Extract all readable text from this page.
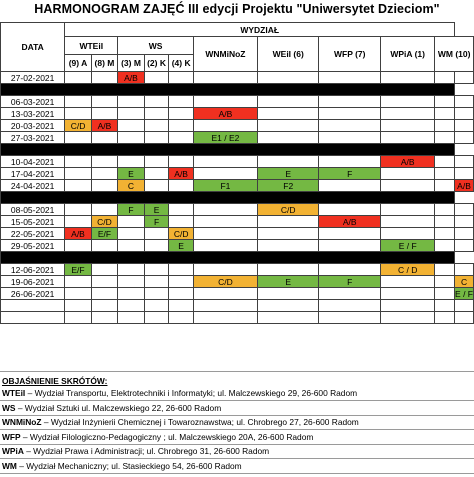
HARMONOGRAM ZAJĘĆ III edycji Projektu "Uniwersytet Dzieciom"
DATA	WYDZIAŁ										
	WTEiI		WS			WNMiNoZ	WEiI (6)	WFP (7)	WPiA (1)	WM (10)	
	(9) A	(8) M	(3) M	(2) K	(4) K						
27-02-2021			A/B								

06-03-2021											
13-03-2021						A/B					
20-03-2021	C/D	A/B									
27-03-2021						E1 / E2					

10-04-2021									A/B		
17-04-2021			E		A/B		E	F			
24-04-2021			C			F1	F2				A/B

08-05-2021			F	E			C/D				
15-05-2021		C/D		F				A/B			
22-05-2021	A/B	E/F			C/D						
29-05-2021					E				E / F		

12-06-2021	E/F								C / D		
19-06-2021						C/D	E	F			C
26-06-2021											E / F

OBJAŚNIENIE SKRÓTÓW:
WTEiI – Wydział Transportu, Elektrotechniki i Informatyki; ul. Malczewskiego 29, 26-600 Radom
WS – Wydział Sztuki ul. Malczewskiego 22, 26-600 Radom
WNMiNoZ – Wydział Inżynierii Chemicznej i Towaroznawstwa; ul. Chrobrego 27, 26-600 Radom
WFP – Wydział Filologiczno-Pedagogiczny ; ul. Malczewskiego 20A, 26-600 Radom
WPiA – Wydział Prawa i Administracji; ul. Chrobrego 31, 26-600 Radom
WM – Wydział Mechaniczny; ul. Stasieckiego 54, 26-600 Radom
